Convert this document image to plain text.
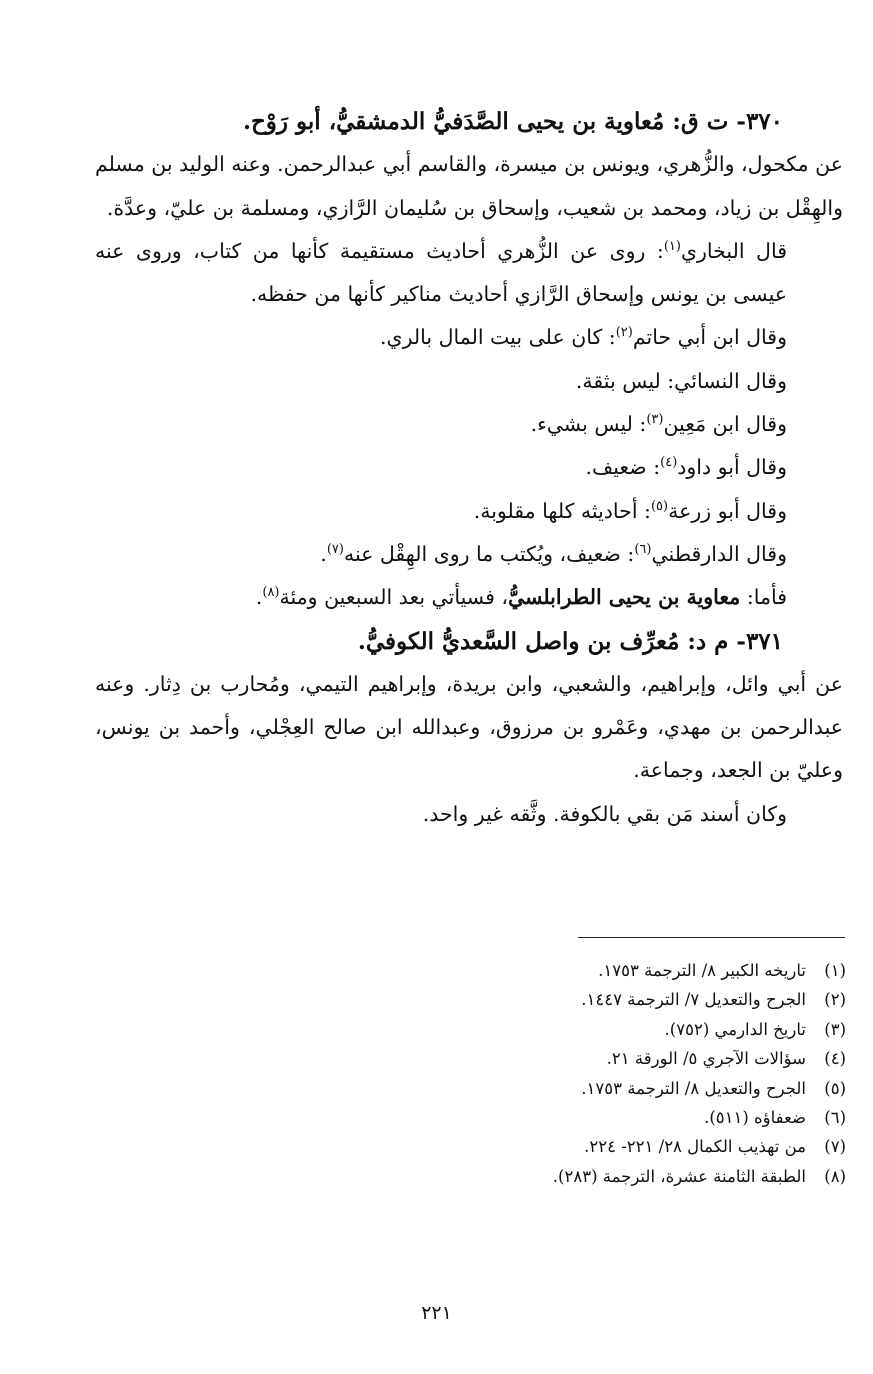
٣٧٠- ت ق: مُعاوية بن يحيى الصَّدَفيُّ الدمشقيُّ، أبو رَوْح.

عن مكحول، والزُّهري، ويونس بن ميسرة، والقاسم أبي عبدالرحمن. وعنه الوليد بن مسلم والهِقْل بن زياد، ومحمد بن شعيب، وإسحاق بن سُليمان الرَّازي، ومسلمة بن عليّ، وعدَّة.

قال البخاري$^{(١)}$: روى عن الزُّهري أحاديث مستقيمة كأنها من كتاب، وروى عنه عيسى بن يونس وإسحاق الرَّازي أحاديث مناكير كأنها من حفظه.

وقال ابن أبي حاتم$^{(٢)}$: كان على بيت المال بالري.

وقال النسائي: ليس بثقة.

وقال ابن مَعِين$^{(٣)}$: ليس بشيء.

وقال أبو داود$^{(٤)}$: ضعيف.

وقال أبو زرعة$^{(٥)}$: أحاديثه كلها مقلوبة.

وقال الدارقطني$^{(٦)}$: ضعيف، ويُكتب ما روى الهِقْل عنه$^{(٧)}$.

فأما: معاوية بن يحيى الطرابلسيُّ، فسيأتي بعد السبعين ومئة$^{(٨)}$.

٣٧١- م د: مُعرِّف بن واصل السَّعديُّ الكوفيُّ.

عن أبي وائل، وإبراهيم، والشعبي، وابن بريدة، وإبراهيم التيمي، ومُحارب بن دِثار. وعنه عبدالرحمن بن مهدي، وعَمْرو بن مرزوق، وعبدالله ابن صالح العِجْلي، وأحمد بن يونس، وعليّ بن الجعد، وجماعة.

وكان أسند مَن بقي بالكوفة. وثَّقه غير واحد.

(١)
تاريخه الكبير ٨/ الترجمة ١٧٥٣.
(٢)
الجرح والتعديل ٧/ الترجمة ١٤٤٧.
(٣)
تاريخ الدارمي (٧٥٢).
(٤)
سؤالات الآجري ٥/ الورقة ٢١.
(٥)
الجرح والتعديل ٨/ الترجمة ١٧٥٣.
(٦)
ضعفاؤه (٥١١).
(٧)
من تهذيب الكمال ٢٨/ ٢٢١- ٢٢٤.
(٨)
الطبقة الثامنة عشرة، الترجمة (٢٨٣).
٢٢١
